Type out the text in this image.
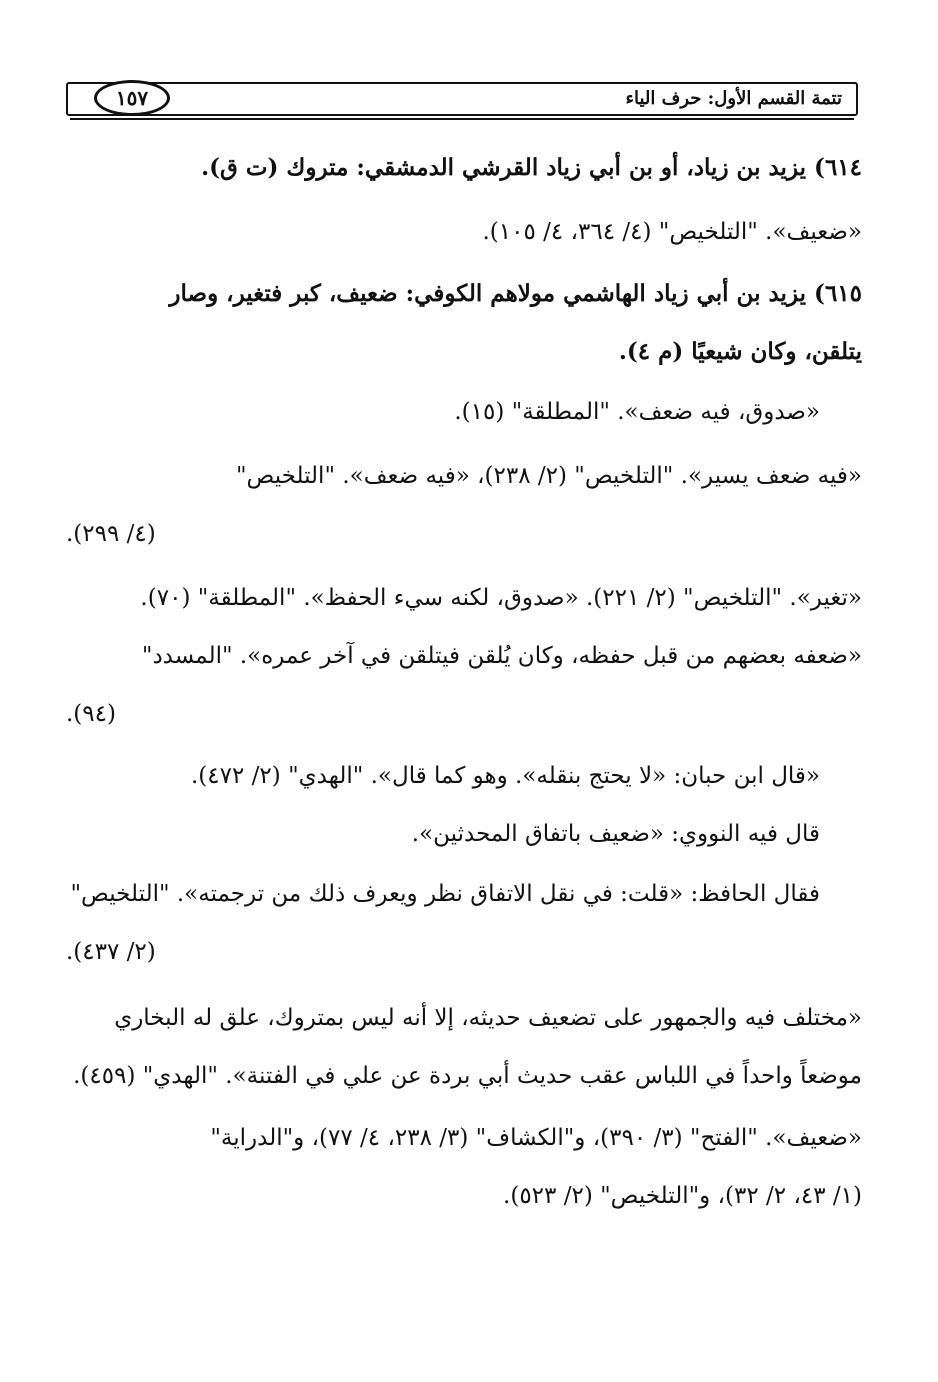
تتمة القسم الأول: حرف الياء
١٥٧
٦١٤) يزيد بن زياد، أو بن أبي زياد القرشي الدمشقي: متروك (ت ق).
«ضعيف». "التلخيص" (٤/ ٣٦٤، ٤/ ١٠٥).
٦١٥) يزيد بن أبي زياد الهاشمي مولاهم الكوفي: ضعيف، كبر فتغير، وصار
يتلقن، وكان شيعيًا (م ٤).
«صدوق، فيه ضعف». "المطلقة" (١٥).
«فيه ضعف يسير». "التلخيص" (٢/ ٢٣٨)، «فيه ضعف». "التلخيص"
(٤/ ٢٩٩).
«تغير». "التلخيص" (٢/ ٢٢١). «صدوق، لكنه سيء الحفظ». "المطلقة" (٧٠).
«ضعفه بعضهم من قبل حفظه، وكان يُلقن فيتلقن في آخر عمره». "المسدد"
(٩٤).
«قال ابن حبان: «لا يحتج بنقله». وهو كما قال». "الهدي" (٢/ ٤٧٢).
قال فيه النووي: «ضعيف باتفاق المحدثين».
فقال الحافظ: «قلت: في نقل الاتفاق نظر ويعرف ذلك من ترجمته». "التلخيص"
(٢/ ٤٣٧).
«مختلف فيه والجمهور على تضعيف حديثه، إلا أنه ليس بمتروك، علق له البخاري
موضعاً واحداً في اللباس عقب حديث أبي بردة عن علي في الفتنة». "الهدي" (٤٥٩).
«ضعيف». "الفتح" (٣/ ٣٩٠)، و"الكشاف" (٣/ ٢٣٨، ٤/ ٧٧)، و"الدراية"
(١/ ٤٣، ٢/ ٣٢)، و"التلخيص" (٢/ ٥٢٣).
